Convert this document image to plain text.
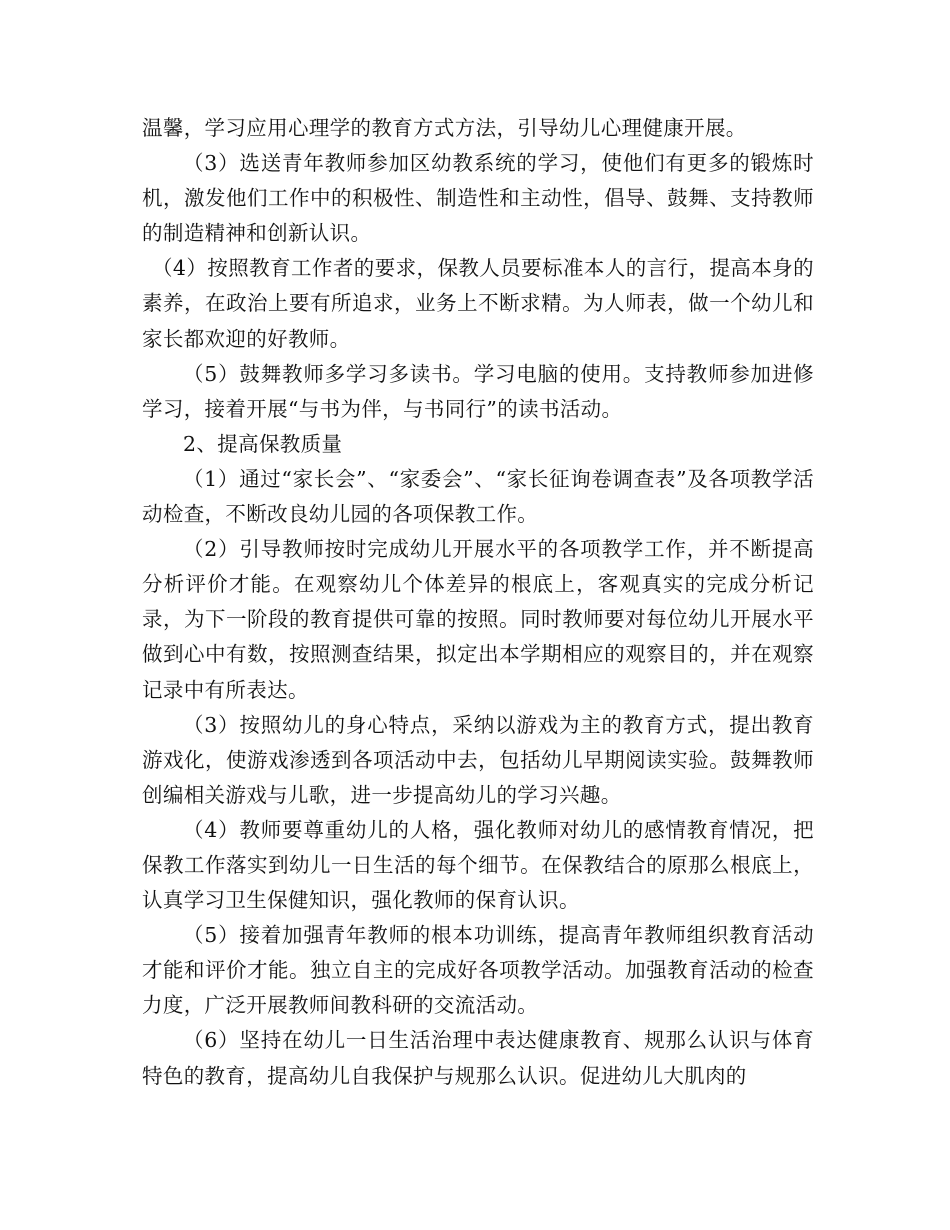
温馨，学习应用心理学的教育方式方法，引导幼儿心理健康开展。

（3）选送青年教师参加区幼教系统的学习，使他们有更多的锻炼时机，激发他们工作中的积极性、制造性和主动性，倡导、鼓舞、支持教师的制造精神和创新认识。

（4）按照教育工作者的要求，保教人员要标准本人的言行，提高本身的素养，在政治上要有所追求，业务上不断求精。为人师表，做一个幼儿和家长都欢迎的好教师。

（5）鼓舞教师多学习多读书。学习电脑的使用。支持教师参加进修学习，接着开展“与书为伴，与书同行”的读书活动。

2、提高保教质量

（1）通过“家长会”、“家委会”、“家长征询卷调查表”及各项教学活动检查，不断改良幼儿园的各项保教工作。

（2）引导教师按时完成幼儿开展水平的各项教学工作，并不断提高分析评价才能。在观察幼儿个体差异的根底上，客观真实的完成分析记录，为下一阶段的教育提供可靠的按照。同时教师要对每位幼儿开展水平做到心中有数，按照测查结果，拟定出本学期相应的观察目的，并在观察记录中有所表达。

（3）按照幼儿的身心特点，采纳以游戏为主的教育方式，提出教育游戏化，使游戏渗透到各项活动中去，包括幼儿早期阅读实验。鼓舞教师创编相关游戏与儿歌，进一步提高幼儿的学习兴趣。

（4）教师要尊重幼儿的人格，强化教师对幼儿的感情教育情况，把保教工作落实到幼儿一日生活的每个细节。在保教结合的原那么根底上，认真学习卫生保健知识，强化教师的保育认识。

（5）接着加强青年教师的根本功训练，提高青年教师组织教育活动才能和评价才能。独立自主的完成好各项教学活动。加强教育活动的检查力度，广泛开展教师间教科研的交流活动。

（6）坚持在幼儿一日生活治理中表达健康教育、规那么认识与体育特色的教育，提高幼儿自我保护与规那么认识。促进幼儿大肌肉的
